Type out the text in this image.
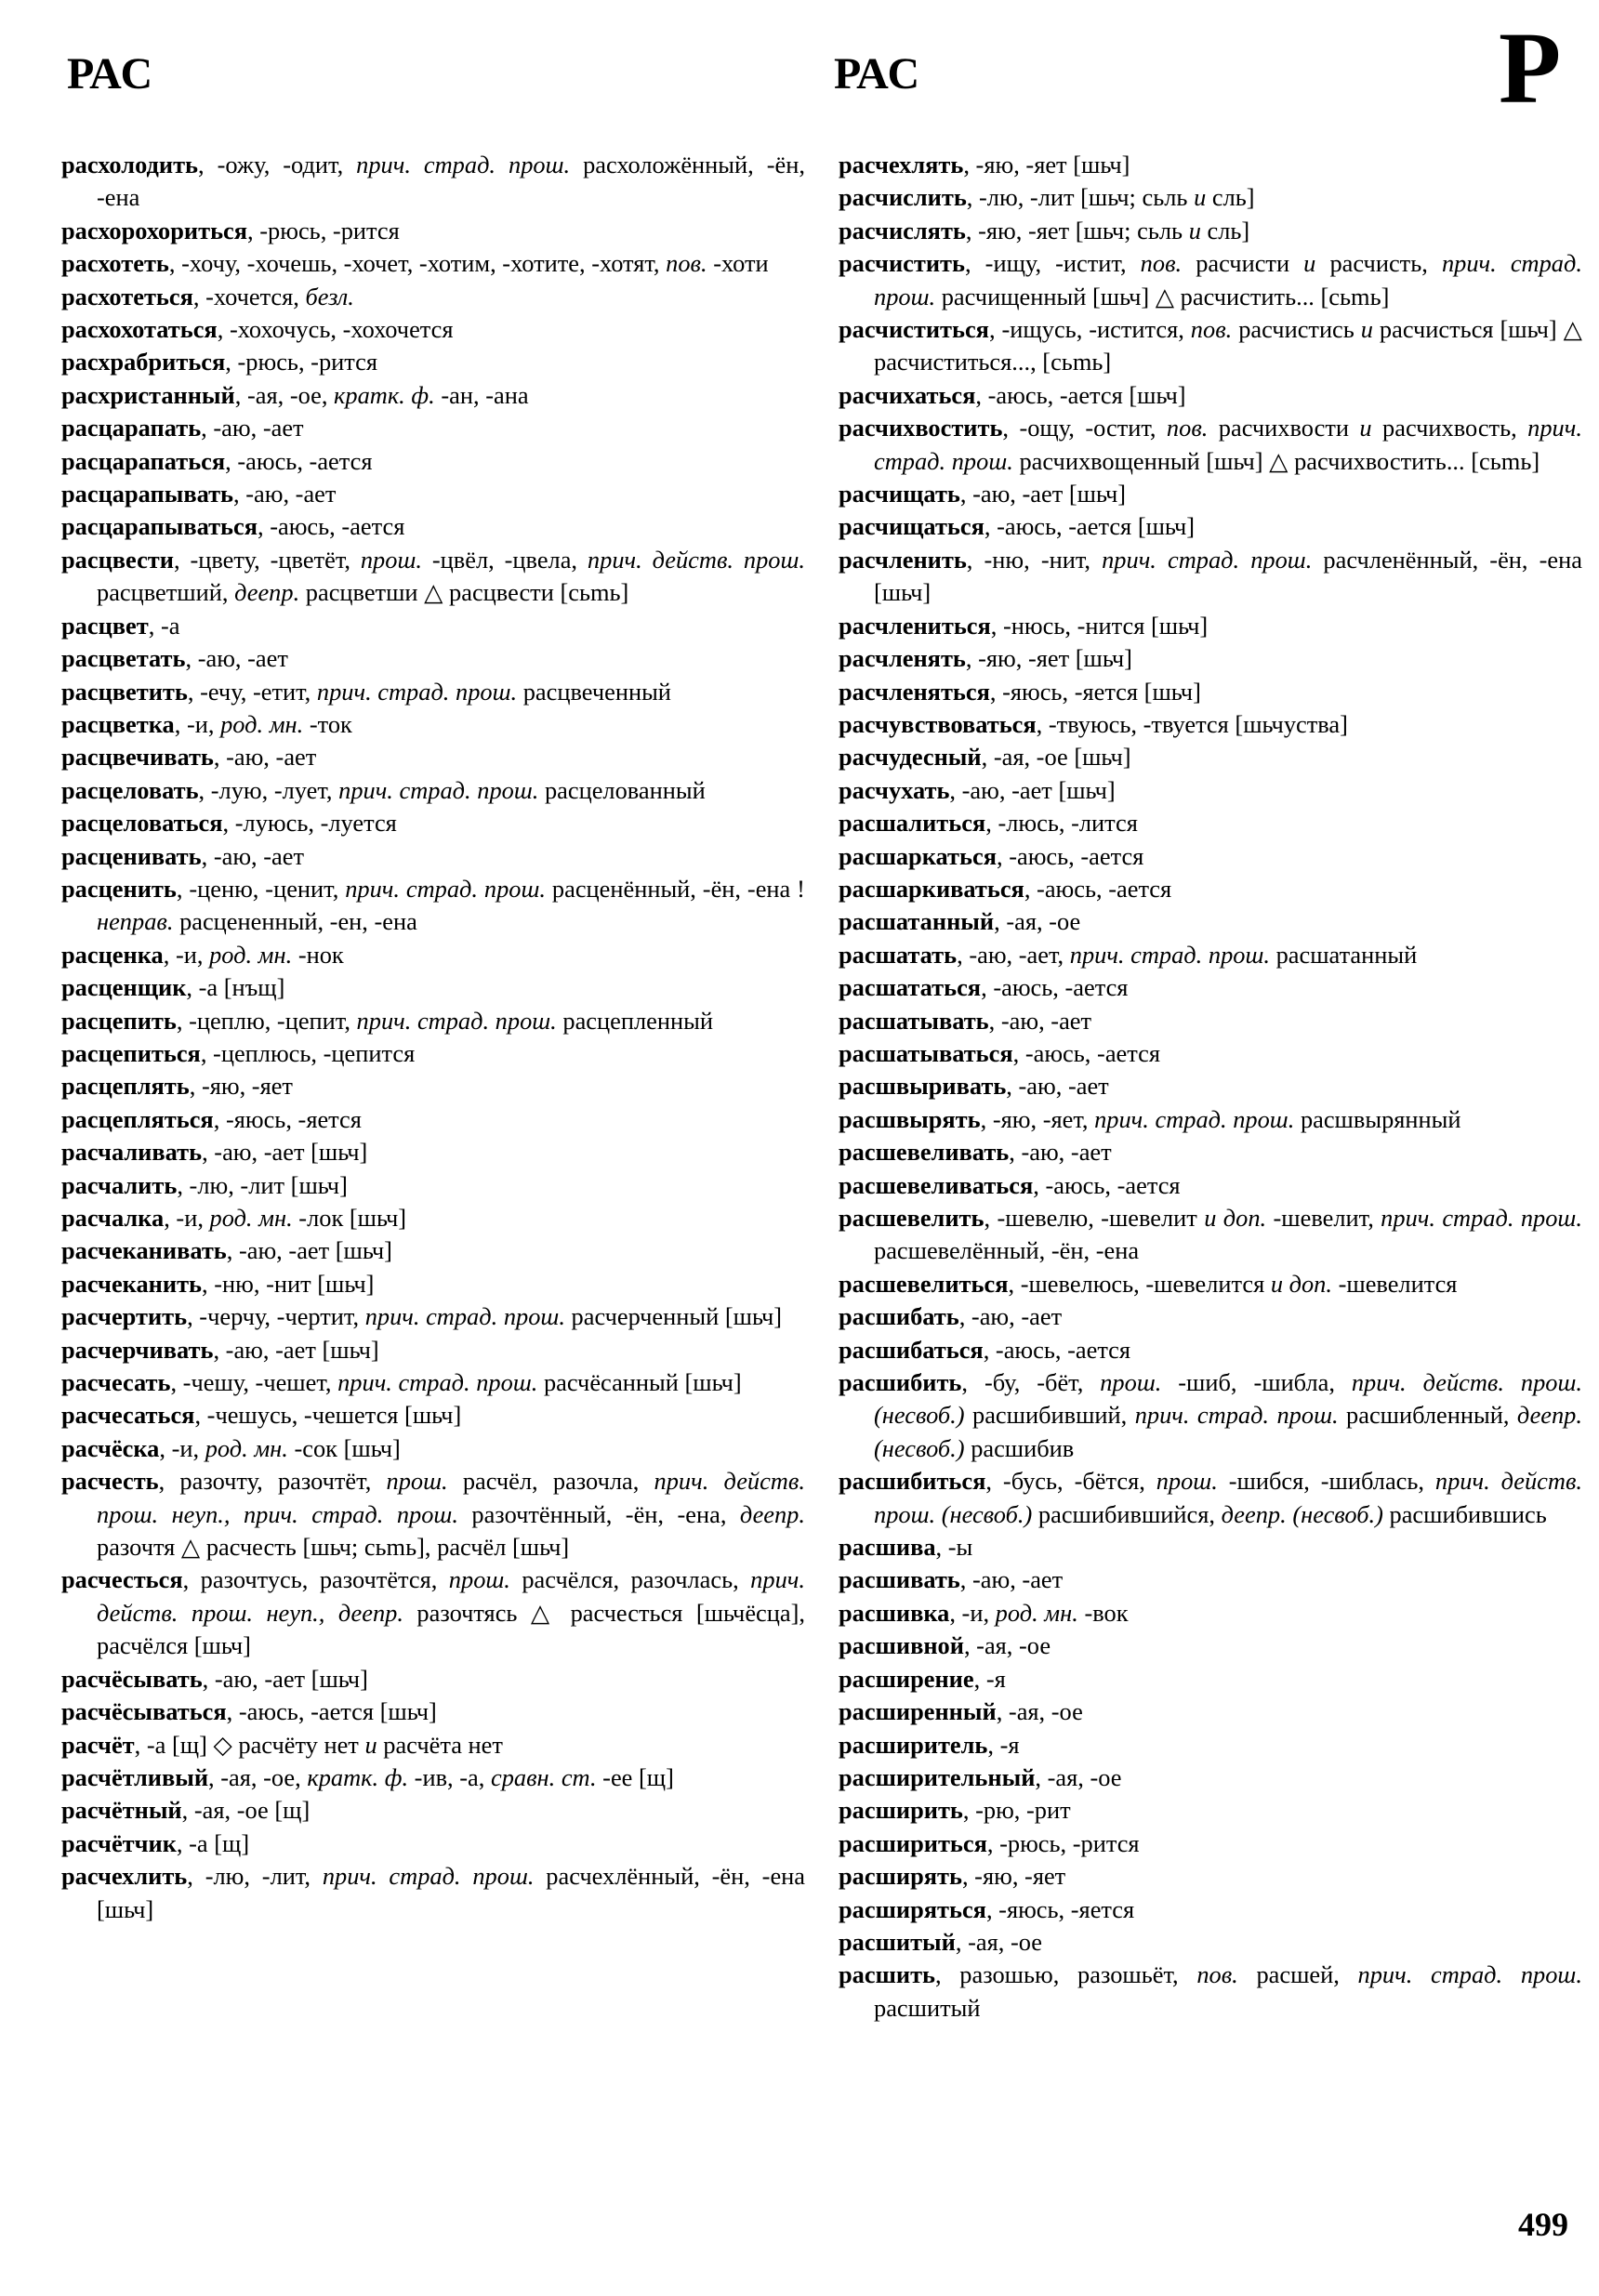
РАС	РАС	Р
расхолодить, -ожу, -одит, прич. страд. прош. расхоложённый, -ён, -ена
расхорохориться, -рюсь, -рится
расхотеть, -хочу, -хочешь, -хочет, -хотим, -хотите, -хотят, пов. -хоти
расхотеться, -хочется, безл.
расхохотаться, -хохочусь, -хохочется
расхрабриться, -рюсь, -рится
расхристанный, -ая, -ое, кратк. ф. -ан, -ана
расцарапать, -аю, -ает
расцарапаться, -аюсь, -ается
расцарапывать, -аю, -ает
расцарапываться, -аюсь, -ается
расцвести, -цвету, -цветёт, прош. -цвёл, -цвела, прич. действ. прош. расцветший, деепр. расцветши △ расцвести [cьmь]
расцвет, -а
расцветать, -аю, -ает
расцветить, -ечу, -етит, прич. страд. прош. расцвеченный
расцветка, -и, род. мн. -ток
расцвечивать, -аю, -ает
расцеловать, -лую, -лует, прич. страд. прош. расцелованный
расцеловаться, -луюсь, -луется
расценивать, -аю, -ает
расценить, -ценю, -ценит, прич. страд. прош. расценённый, -ён, -ена ! неправ. расцененный, -ен, -ена
расценка, -и, род. мн. -нок
расценщик, -а [нъщ]
расцепить, -цеплю, -цепит, прич. страд. прош. расцепленный
расцепиться, -цеплюсь, -цепится
расцеплять, -яю, -яет
расцепляться, -яюсь, -яется
расчаливать, -аю, -ает [шьч]
расчалить, -лю, -лит [шьч]
расчалка, -и, род. мн. -лок [шьч]
расчеканивать, -аю, -ает [шьч]
расчеканить, -ню, -нит [шьч]
расчертить, -черчу, -чертит, прич. страд. прош. расчерченный [шьч]
расчерчивать, -аю, -ает [шьч]
расчесать, -чешу, -чешет, прич. страд. прош. расчёсанный [шьч]
расчесаться, -чешусь, -чешется [шьч]
расчёска, -и, род. мн. -сок [шьч]
расчесть, разочту, разочтёт, прош. расчёл, разочла, прич. действ. прош. неуп., прич. страд. прош. разочтённый, -ён, -ена, деепр. разочтя △ расчесть [шьч; cьmь], расчёл [шьч]
расчесться, разочтусь, разочтётся, прош. расчёлся, разочлась, прич. действ. прош. неуп., деепр. разочтясь △ расчесться [шьчёсца], расчёлся [шьч]
расчёсывать, -аю, -ает [шьч]
расчёсываться, -аюсь, -ается [шьч]
расчёт, -а [щ] ◇ расчёту нет и расчёта нет
расчётливый, -ая, -ое, кратк. ф. -ив, -а, сравн. ст. -ее [щ]
расчётный, -ая, -ое [щ]
расчётчик, -а [щ]
расчехлить, -лю, -лит, прич. страд. прош. расчехлённый, -ён, -ена [шьч]
расчехлять, -яю, -яет [шьч]
расчислить, -лю, -лит [шьч; cьль и сль]
расчислять, -яю, -яет [шьч; cьль и сль]
расчистить, -ищу, -истит, пов. расчисти и расчисть, прич. страд. прош. расчищенный [шьч] △ расчистить... [cьmь]
расчиститься, -ищусь, -истится, пов. расчистись и расчисться [шьч] △ расчиститься..., [cьmь]
расчихаться, -аюсь, -ается [шьч]
расчихвостить, -ощу, -остит, пов. расчихвости и расчихвость, прич. страд. прош. расчихвощенный [шьч] △ расчихвостить... [cьmь]
расчищать, -аю, -ает [шьч]
расчищаться, -аюсь, -ается [шьч]
расчленить, -ню, -нит, прич. страд. прош. расчленённый, -ён, -ена [шьч]
расчлениться, -нюсь, -нится [шьч]
расчленять, -яю, -яет [шьч]
расчленяться, -яюсь, -яется [шьч]
расчувствоваться, -твуюсь, -твуется [шьчуства]
расчудесный, -ая, -ое [шьч]
расчухать, -аю, -ает [шьч]
расшалиться, -люсь, -лится
расшаркаться, -аюсь, -ается
расшаркиваться, -аюсь, -ается
расшатанный, -ая, -ое
расшатать, -аю, -ает, прич. страд. прош. расшатанный
расшататься, -аюсь, -ается
расшатывать, -аю, -ает
расшатываться, -аюсь, -ается
расшвыривать, -аю, -ает
расшвырять, -яю, -яет, прич. страд. прош. расшвырянный
расшевеливать, -аю, -ает
расшевеливаться, -аюсь, -ается
расшевелить, -шевелю, -шевелит и доп. -шевелит, прич. страд. прош. расшевелённый, -ён, -ена
расшевелиться, -шевелюсь, -шевелится и доп. -шевелится
расшибать, -аю, -ает
расшибаться, -аюсь, -ается
расшибить, -бу, -бёт, прош. -шиб, -шибла, прич. действ. прош. (несвоб.) расшибивший, прич. страд. прош. расшибленный, деепр. (несвоб.) расшибив
расшибиться, -бусь, -бётся, прош. -шибся, -шиблась, прич. действ. прош. (несвоб.) расшибившийся, деепр. (несвоб.) расшибившись
расшива, -ы
расшивать, -аю, -ает
расшивка, -и, род. мн. -вок
расшивной, -ая, -ое
расширение, -я
расширенный, -ая, -ое
расширитель, -я
расширительный, -ая, -ое
расширить, -рю, -рит
расшириться, -рюсь, -рится
расширять, -яю, -яет
расширяться, -яюсь, -яется
расшитый, -ая, -ое
расшить, разошью, разошьёт, пов. расшей, прич. страд. прош. расшитый
499
